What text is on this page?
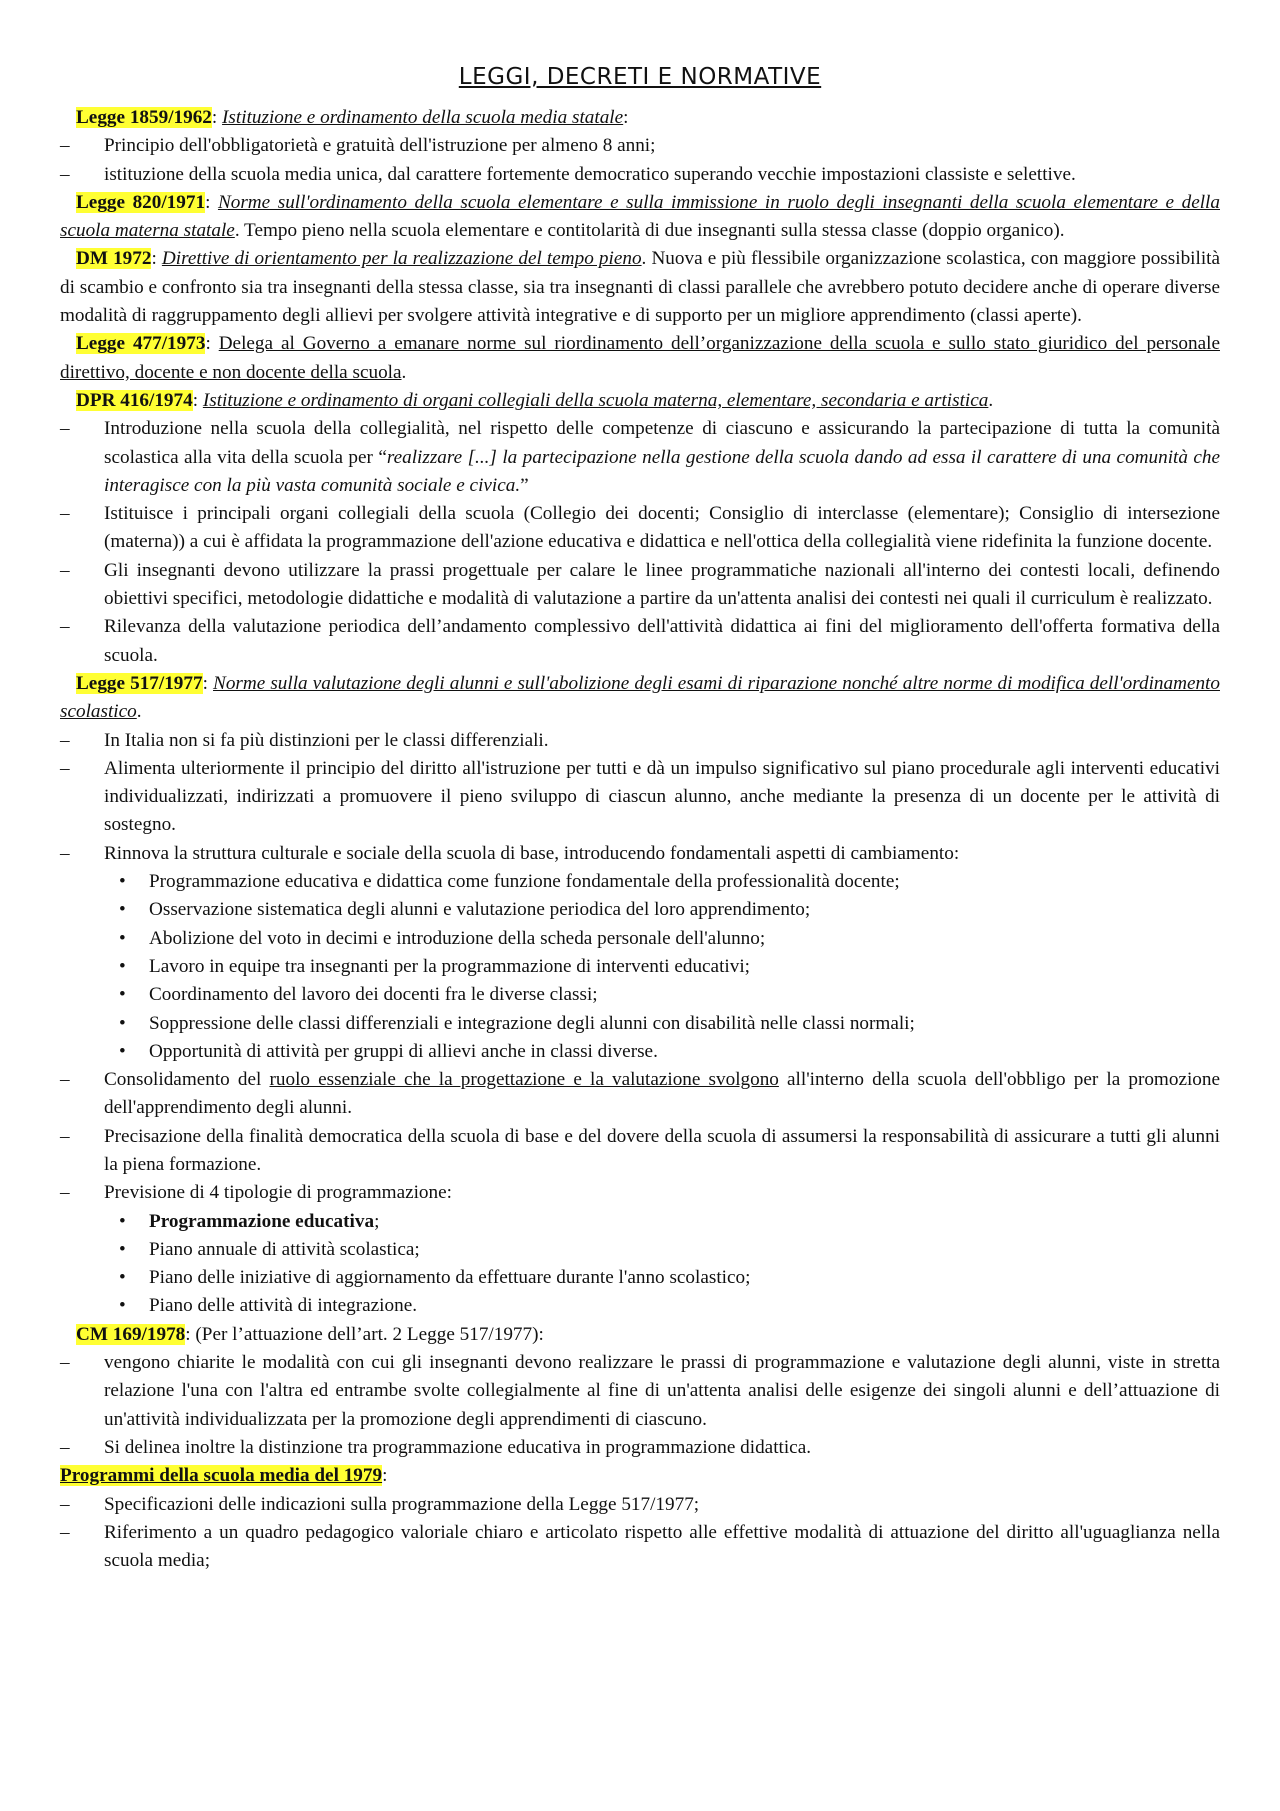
LEGGI, DECRETI E NORMATIVE

Legge 1859/1962: Istituzione e ordinamento della scuola media statale:

– Principio dell'obbligatorietà e gratuità dell'istruzione per almeno 8 anni;
– istituzione della scuola media unica, dal carattere fortemente democratico superando vecchie impostazioni classiste e selettive.

Legge 820/1971: Norme sull'ordinamento della scuola elementare e sulla immissione in ruolo degli insegnanti della scuola elementare e della scuola materna statale. Tempo pieno nella scuola elementare e contitolarità di due insegnanti sulla stessa classe (doppio organico).

DM 1972: Direttive di orientamento per la realizzazione del tempo pieno. Nuova e più flessibile organizzazione scolastica, con maggiore possibilità di scambio e confronto sia tra insegnanti della stessa classe, sia tra insegnanti di classi parallele che avrebbero potuto decidere anche di operare diverse modalità di raggruppamento degli allievi per svolgere attività integrative e di supporto per un migliore apprendimento (classi aperte).

Legge 477/1973: Delega al Governo a emanare norme sul riordinamento dell’organizzazione della scuola e sullo stato giuridico del personale direttivo, docente e non docente della scuola.

DPR 416/1974: Istituzione e ordinamento di organi collegiali della scuola materna, elementare, secondaria e artistica.

– Introduzione nella scuola della collegialità, nel rispetto delle competenze di ciascuno e assicurando la partecipazione di tutta la comunità scolastica alla vita della scuola per “realizzare [...] la partecipazione nella gestione della scuola dando ad essa il carattere di una comunità che interagisce con la più vasta comunità sociale e civica.”
– Istituisce i principali organi collegiali della scuola (Collegio dei docenti; Consiglio di interclasse (elementare); Consiglio di intersezione (materna)) a cui è affidata la programmazione dell'azione educativa e didattica e nell'ottica della collegialità viene ridefinita la funzione docente.
– Gli insegnanti devono utilizzare la prassi progettuale per calare le linee programmatiche nazionali all'interno dei contesti locali, definendo obiettivi specifici, metodologie didattiche e modalità di valutazione a partire da un'attenta analisi dei contesti nei quali il curriculum è realizzato.
– Rilevanza della valutazione periodica dell’andamento complessivo dell'attività didattica ai fini del miglioramento dell'offerta formativa della scuola.

Legge 517/1977: Norme sulla valutazione degli alunni e sull'abolizione degli esami di riparazione nonché altre norme di modifica dell'ordinamento scolastico.

– In Italia non si fa più distinzioni per le classi differenziali.
– Alimenta ulteriormente il principio del diritto all'istruzione per tutti e dà un impulso significativo sul piano procedurale agli interventi educativi individualizzati, indirizzati a promuovere il pieno sviluppo di ciascun alunno, anche mediante la presenza di un docente per le attività di sostegno.
– Rinnova la struttura culturale e sociale della scuola di base, introducendo fondamentali aspetti di cambiamento:
• Programmazione educativa e didattica come funzione fondamentale della professionalità docente;
• Osservazione sistematica degli alunni e valutazione periodica del loro apprendimento;
• Abolizione del voto in decimi e introduzione della scheda personale dell'alunno;
• Lavoro in equipe tra insegnanti per la programmazione di interventi educativi;
• Coordinamento del lavoro dei docenti fra le diverse classi;
• Soppressione delle classi differenziali e integrazione degli alunni con disabilità nelle classi normali;
• Opportunità di attività per gruppi di allievi anche in classi diverse.
– Consolidamento del ruolo essenziale che la progettazione e la valutazione svolgono all'interno della scuola dell'obbligo per la promozione dell'apprendimento degli alunni.
– Precisazione della finalità democratica della scuola di base e del dovere della scuola di assumersi la responsabilità di assicurare a tutti gli alunni la piena formazione.
– Previsione di 4 tipologie di programmazione:
• Programmazione educativa;
• Piano annuale di attività scolastica;
• Piano delle iniziative di aggiornamento da effettuare durante l'anno scolastico;
• Piano delle attività di integrazione.

CM 169/1978: (Per l’attuazione dell’art. 2 Legge 517/1977):

– vengono chiarite le modalità con cui gli insegnanti devono realizzare le prassi di programmazione e valutazione degli alunni, viste in stretta relazione l'una con l'altra ed entrambe svolte collegialmente al fine di un'attenta analisi delle esigenze dei singoli alunni e dell’attuazione di un'attività individualizzata per la promozione degli apprendimenti di ciascuno.
– Si delinea inoltre la distinzione tra programmazione educativa in programmazione didattica.

Programmi della scuola media del 1979:

– Specificazioni delle indicazioni sulla programmazione della Legge 517/1977;
– Riferimento a un quadro pedagogico valoriale chiaro e articolato rispetto alle effettive modalità di attuazione del diritto all'uguaglianza nella scuola media;
